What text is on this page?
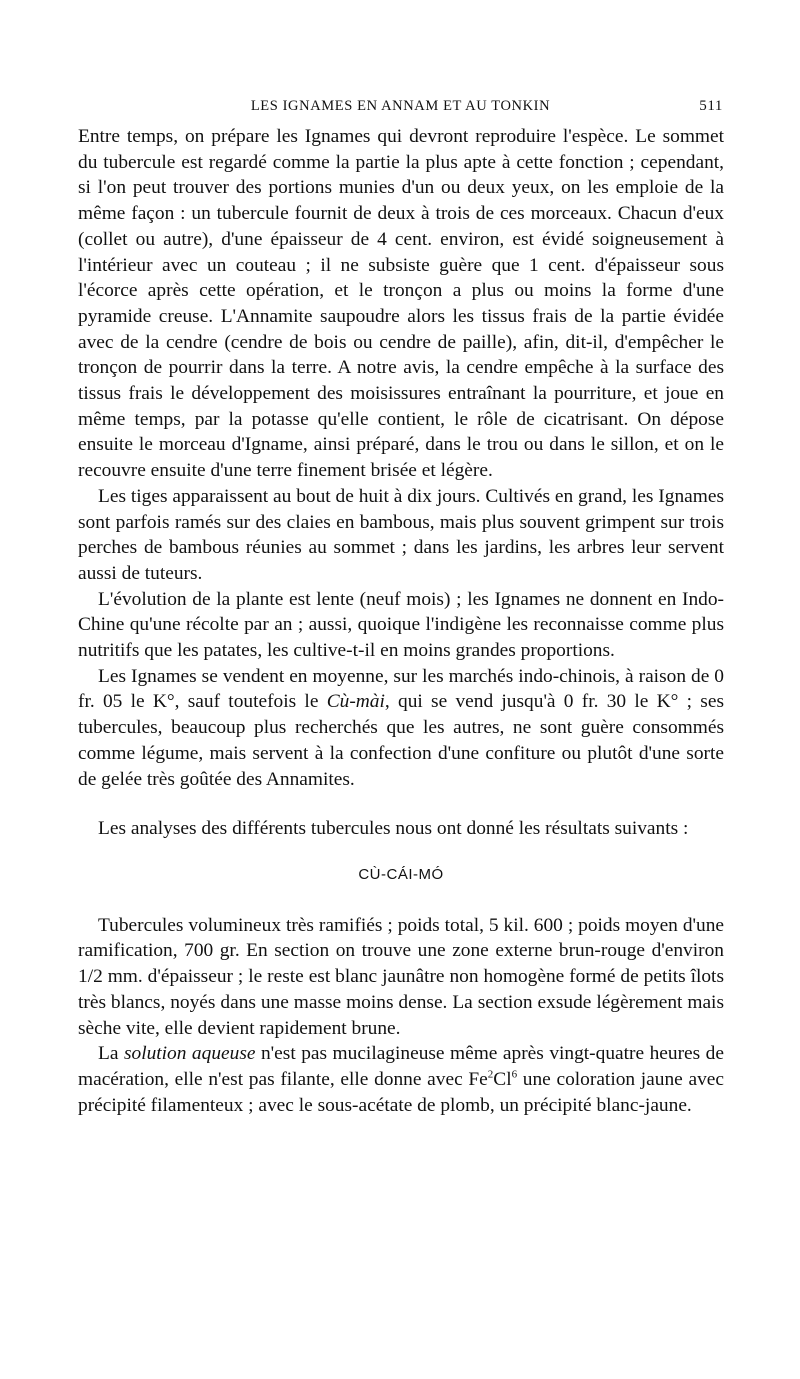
LES IGNAMES EN ANNAM ET AU TONKIN	511

Entre temps, on prépare les Ignames qui devront reproduire l'espèce. Le sommet du tubercule est regardé comme la partie la plus apte à cette fonction ; cependant, si l'on peut trouver des portions munies d'un ou deux yeux, on les emploie de la même façon : un tubercule fournit de deux à trois de ces morceaux. Chacun d'eux (collet ou autre), d'une épaisseur de 4 cent. environ, est évidé soigneusement à l'intérieur avec un couteau ; il ne subsiste guère que 1 cent. d'épaisseur sous l'écorce après cette opération, et le tronçon a plus ou moins la forme d'une pyramide creuse. L'Annamite saupoudre alors les tissus frais de la partie évidée avec de la cendre (cendre de bois ou cendre de paille), afin, dit-il, d'empêcher le tronçon de pourrir dans la terre. A notre avis, la cendre empêche à la surface des tissus frais le développement des moisissures entraînant la pourriture, et joue en même temps, par la potasse qu'elle contient, le rôle de cicatrisant. On dépose ensuite le morceau d'Igname, ainsi préparé, dans le trou ou dans le sillon, et on le recouvre ensuite d'une terre finement brisée et légère.

Les tiges apparaissent au bout de huit à dix jours. Cultivés en grand, les Ignames sont parfois ramés sur des claies en bambous, mais plus souvent grimpent sur trois perches de bambous réunies au sommet ; dans les jardins, les arbres leur servent aussi de tuteurs.

L'évolution de la plante est lente (neuf mois) ; les Ignames ne donnent en Indo-Chine qu'une récolte par an ; aussi, quoique l'indigène les reconnaisse comme plus nutritifs que les patates, les cultive-t-il en moins grandes proportions.

Les Ignames se vendent en moyenne, sur les marchés indo-chinois, à raison de 0 fr. 05 le K°, sauf toutefois le Cù-mài, qui se vend jusqu'à 0 fr. 30 le K° ; ses tubercules, beaucoup plus recherchés que les autres, ne sont guère consommés comme légume, mais servent à la confection d'une confiture ou plutôt d'une sorte de gelée très goûtée des Annamites.

Les analyses des différents tubercules nous ont donné les résultats suivants :

CÙ-CÁI-MÓ

Tubercules volumineux très ramifiés ; poids total, 5 kil. 600 ; poids moyen d'une ramification, 700 gr. En section on trouve une zone externe brun-rouge d'environ 1/2 mm. d'épaisseur ; le reste est blanc jaunâtre non homogène formé de petits îlots très blancs, noyés dans une masse moins dense. La section exsude légèrement mais sèche vite, elle devient rapidement brune.

La solution aqueuse n'est pas mucilagineuse même après vingt-quatre heures de macération, elle n'est pas filante, elle donne avec Fe$^2$Cl$^6$ une coloration jaune avec précipité filamenteux ; avec le sous-acétate de plomb, un précipité blanc-jaune.
